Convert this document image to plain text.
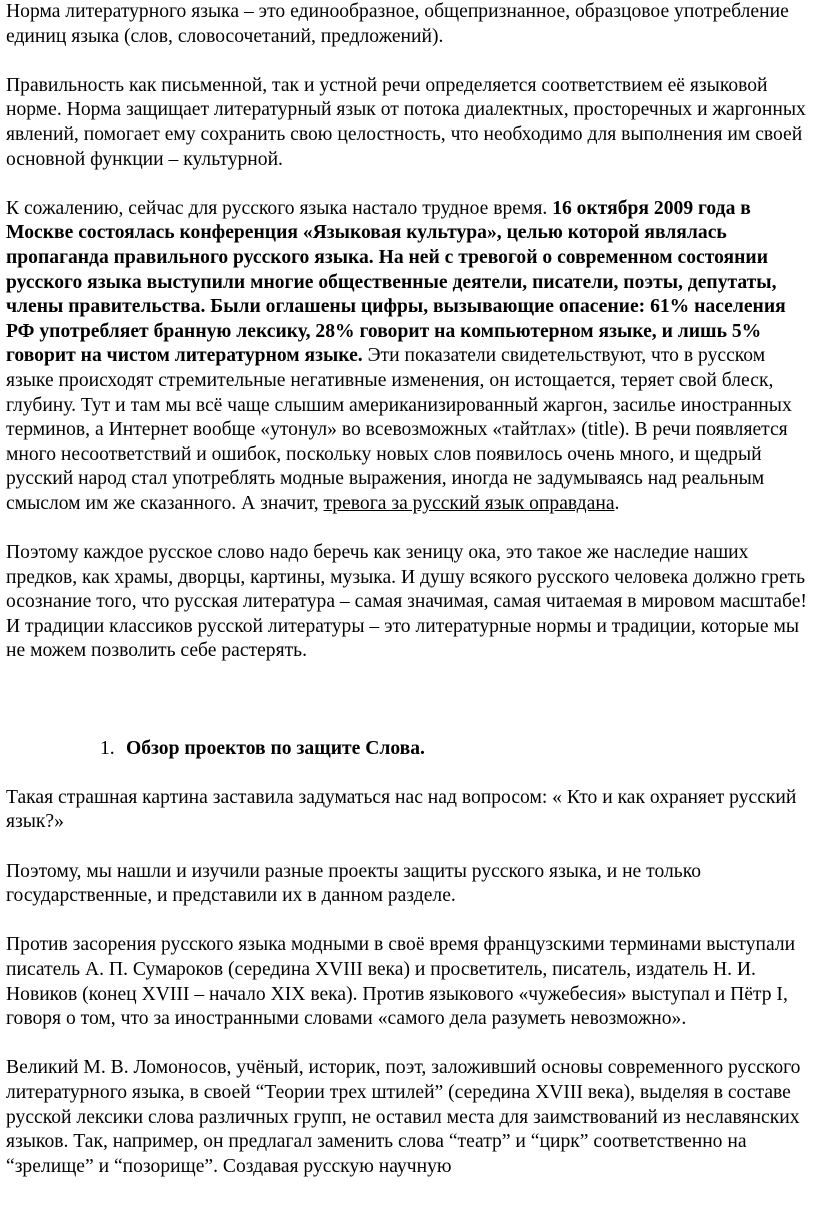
Норма литературного языка – это единообразное, общепризнанное, образцовое употребление единиц языка (слов, словосочетаний, предложений).

Правильность как письменной, так и устной речи определяется соответствием её языковой норме. Норма защищает литературный язык от потока диалектных, просторечных и жаргонных явлений, помогает ему сохранить свою целостность, что необходимо для выполнения им своей основной функции – культурной.

К сожалению, сейчас для русского языка настало трудное время. 16 октября 2009 года в Москве состоялась конференция «Языковая культура», целью которой являлась пропаганда правильного русского языка. На ней с тревогой о современном состоянии русского языка выступили многие общественные деятели, писатели, поэты, депутаты, члены правительства. Были оглашены цифры, вызывающие опасение: 61% населения РФ употребляет бранную лексику, 28% говорит на компьютерном языке, и лишь 5% говорит на чистом литературном языке. Эти показатели свидетельствуют, что в русском языке происходят стремительные негативные изменения, он истощается, теряет свой блеск, глубину. Тут и там мы всё чаще слышим американизированный жаргон, засилье иностранных терминов, а Интернет вообще «утонул» во всевозможных «тайтлах» (title). В речи появляется много несоответствий и ошибок, поскольку новых слов появилось очень много, и щедрый русский народ стал употреблять модные выражения, иногда не задумываясь над реальным смыслом им же сказанного. А значит, тревога за русский язык оправдана.

Поэтому каждое русское слово надо беречь как зеницу ока, это такое же наследие наших предков, как храмы, дворцы, картины, музыка. И душу всякого русского человека должно греть осознание того, что русская литература – самая значимая, самая читаемая в мировом масштабе! И традиции классиков русской литературы – это литературные нормы и традиции, которые мы не можем позволить себе растерять.

1. Обзор проектов по защите Слова.

Такая страшная картина заставила задуматься нас над вопросом: « Кто и как охраняет русский язык?»

Поэтому, мы нашли и изучили разные проекты защиты русского языка, и не только государственные, и представили их в данном разделе.

Против засорения русского языка модными в своё время французскими терминами выступали писатель А. П. Сумароков (середина XVIII века) и просветитель, писатель, издатель Н. И. Новиков (конец XVIII – начало XIX века). Против языкового «чужебесия» выступал и Пётр I, говоря о том, что за иностранными словами «самого дела разуметь невозможно».

Великий М. В. Ломоносов, учёный, историк, поэт, заложивший основы современного русского литературного языка, в своей “Теории трех штилей” (середина XVIII века), выделяя в составе русской лексики слова различных групп, не оставил места для заимствований из неславянских языков. Так, например, он предлагал заменить слова “театр” и “цирк” соответственно на “зрелище” и “позорище”. Создавая русскую научную
